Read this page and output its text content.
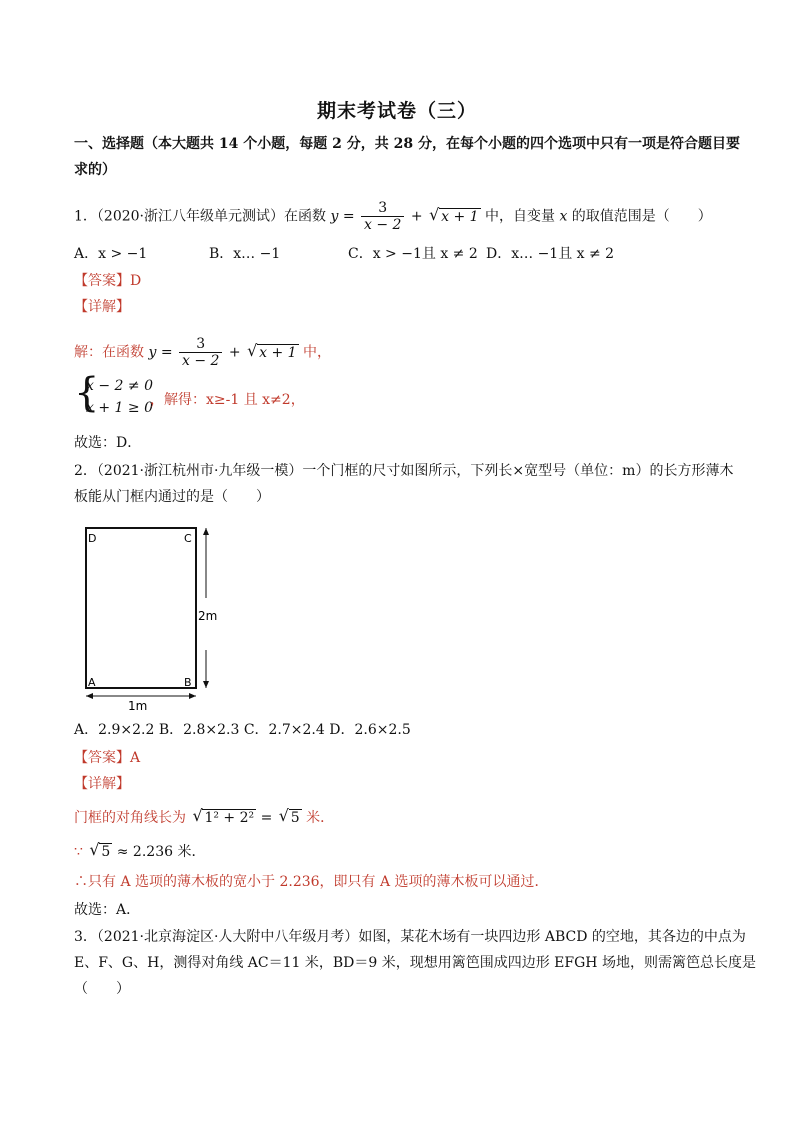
期末考试卷（三）
一、选择题（本大题共 14 个小题，每题 2 分，共 28 分，在每个小题的四个选项中只有一项是符合题目要
求的）
1．（2020·浙江八年级单元测试）在函数 $y = \frac{3}{x - 2}$ + √ x + 1 中，自变量 x 的取值范围是（　　）
A．x > −1	B．x… −1	C．x > −1且 x ≠ 2 D．x… −1且 x ≠ 2
【答案】D
【详解】
解：在函数 $y = \frac{3}{x - 2}$ + √ x + 1 中，
{
x − 2 ≠ 0
x + 1 ≥ 0
，解得：x≥-1 且 x≠2，
故选：D．
2．（2021·浙江杭州市·九年级一模）一个门框的尺寸如图所示，下列长×宽型号（单位：m）的长方形薄木
板能从门框内通过的是（　　）
D	C
A	B
2m
1m
A．2.9×2.2 B．2.8×2.3 C．2.7×2.4 D．2.6×2.5
【答案】A
【详解】
门框的对角线长为 √ 1² + 2² = √ 5 米．
∵ √ 5 ≈ 2.236 米．
∴只有 A 选项的薄木板的宽小于 2.236，即只有 A 选项的薄木板可以通过．
故选：A．
3．（2021·北京海淀区·人大附中八年级月考）如图，某花木场有一块四边形 ABCD 的空地，其各边的中点为
E、F、G、H，测得对角线 AC＝11 米，BD＝9 米，现想用篱笆围成四边形 EFGH 场地，则需篱笆总长度是
（　　）
